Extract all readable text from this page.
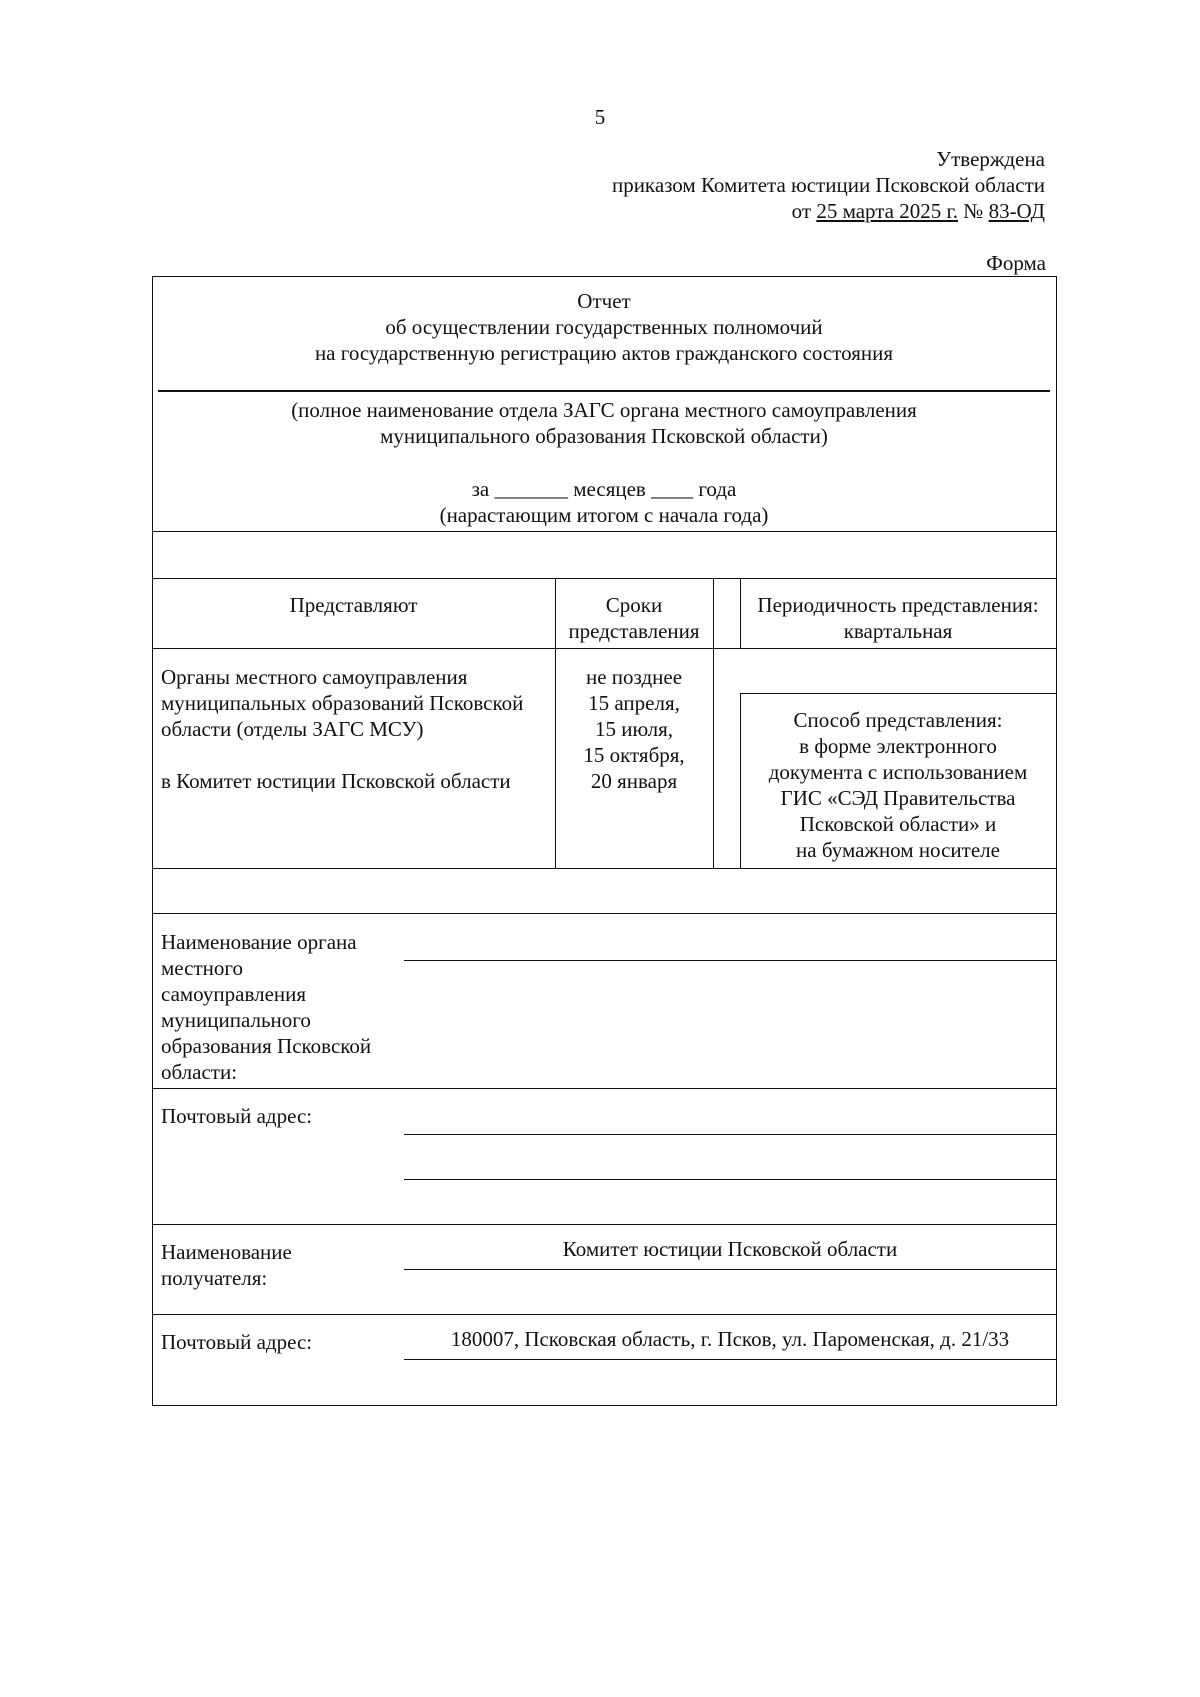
5
Утверждена
приказом Комитета юстиции Псковской области
от 25 марта 2025 г. № 83-ОД
Форма
Отчет
об осуществлении государственных полномочий
на государственную регистрацию актов гражданского состояния
(полное наименование отдела ЗАГС органа местного самоуправления
муниципального образования Псковской области)
за _______ месяцев ____ года
(нарастающим итогом с начала года)
Представляют	Сроки
представления
Периодичность представления:
квартальная
Органы местного самоуправления
муниципальных образований Псковской
области (отделы ЗАГС МСУ)
в Комитет юстиции Псковской области
не позднее
15 апреля,
15 июля,
15 октября,
20 января
Способ представления:
в форме электронного
документа с использованием
ГИС «СЭД Правительства
Псковской области» и
на бумажном носителе
Наименование органа
местного
самоуправления
муниципального
образования Псковской
области:
Почтовый адрес:
Наименование
получателя:
Комитет юстиции Псковской области
Почтовый адрес:	180007, Псковская область, г. Псков, ул. Пароменская, д. 21/33
